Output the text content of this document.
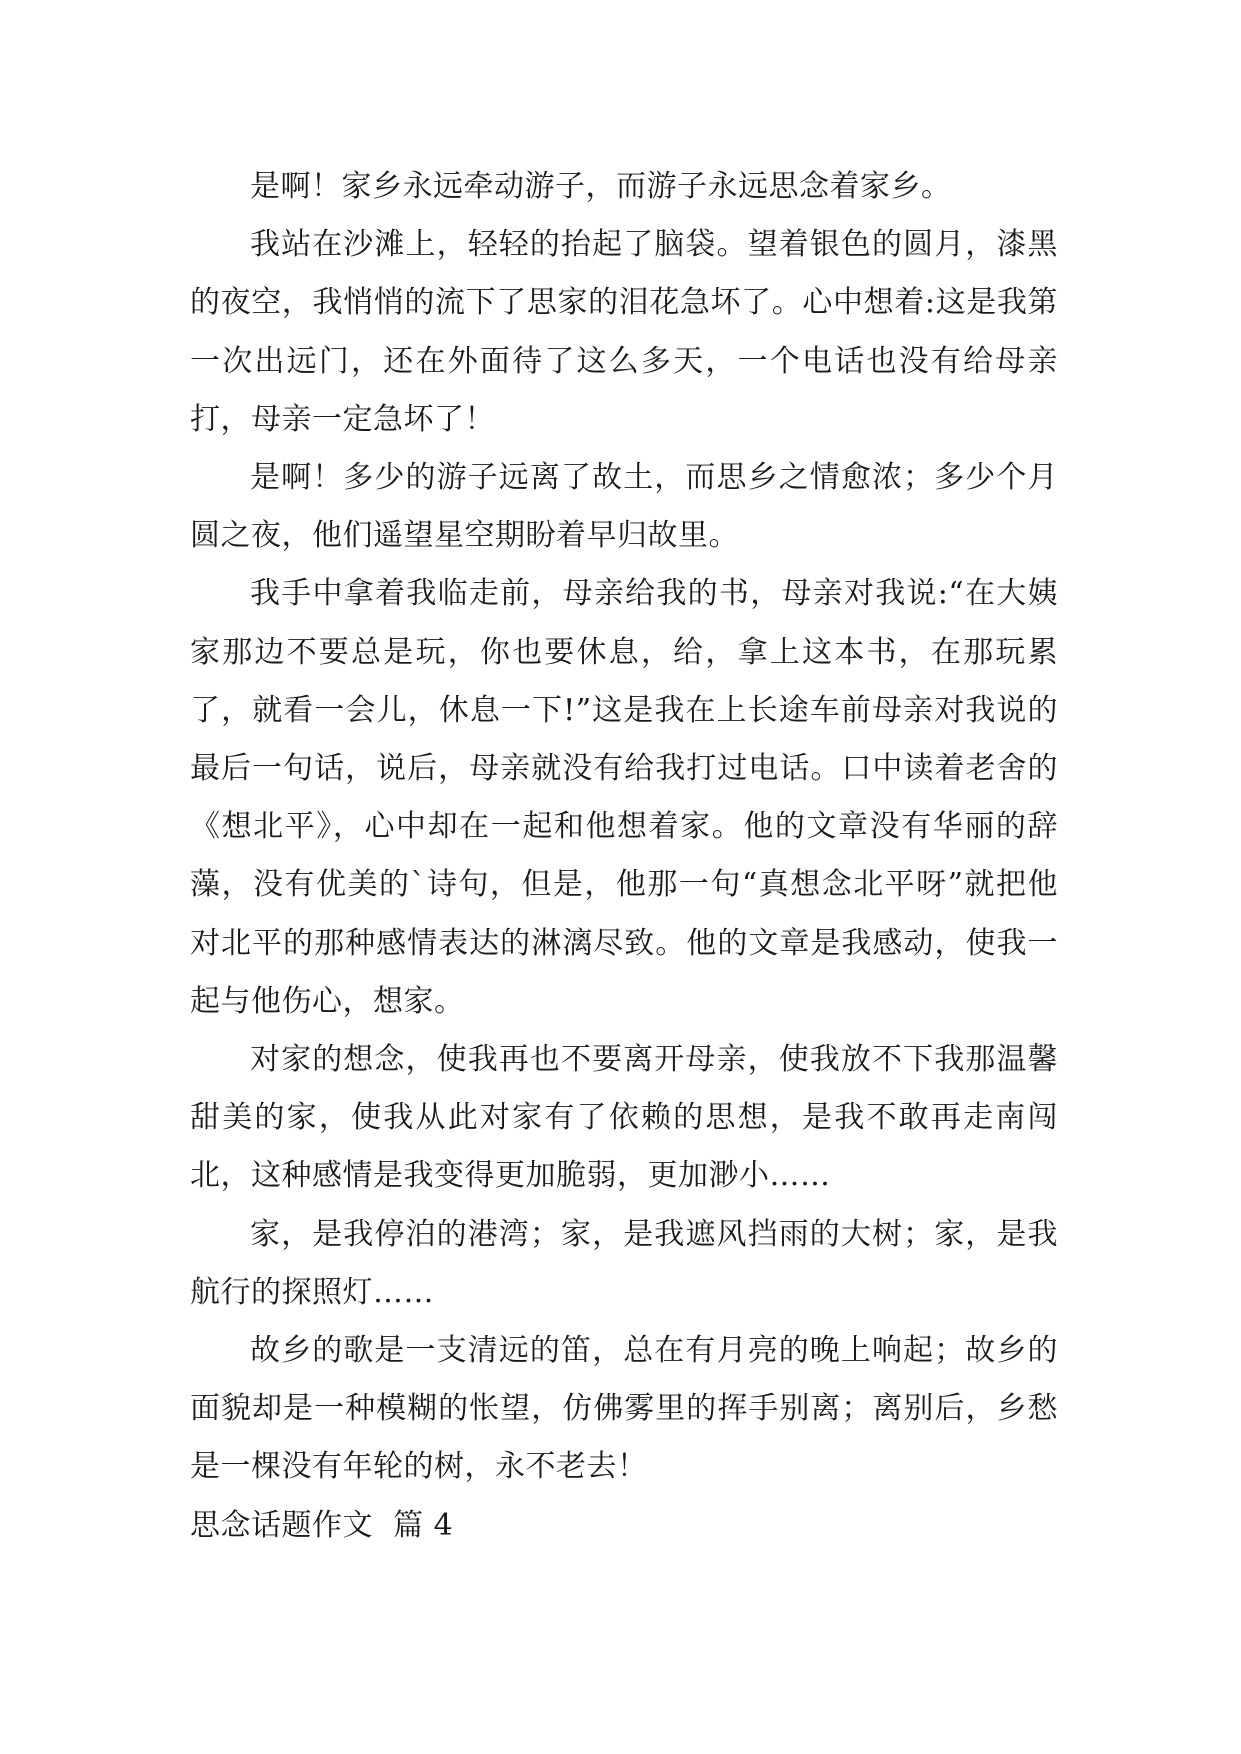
是啊！家乡永远牵动游子，而游子永远思念着家乡。

我站在沙滩上，轻轻的抬起了脑袋。望着银色的圆月，漆黑的夜空，我悄悄的流下了思家的泪花急坏了。心中想着:这是我第一次出远门，还在外面待了这么多天，一个电话也没有给母亲打，母亲一定急坏了！

是啊！多少的游子远离了故土，而思乡之情愈浓；多少个月圆之夜，他们遥望星空期盼着早归故里。

我手中拿着我临走前，母亲给我的书，母亲对我说:“在大姨家那边不要总是玩，你也要休息，给，拿上这本书，在那玩累了，就看一会儿，休息一下!”这是我在上长途车前母亲对我说的最后一句话，说后，母亲就没有给我打过电话。口中读着老舍的《想北平》，心中却在一起和他想着家。他的文章没有华丽的辞藻，没有优美的`诗句，但是，他那一句“真想念北平呀”就把他对北平的那种感情表达的淋漓尽致。他的文章是我感动，使我一起与他伤心，想家。

对家的想念，使我再也不要离开母亲，使我放不下我那温馨甜美的家，使我从此对家有了依赖的思想，是我不敢再走南闯北，这种感情是我变得更加脆弱，更加渺小……

家，是我停泊的港湾；家，是我遮风挡雨的大树；家，是我航行的探照灯……

故乡的歌是一支清远的笛，总在有月亮的晚上响起；故乡的面貌却是一种模糊的怅望，仿佛雾里的挥手别离；离别后，乡愁是一棵没有年轮的树，永不老去！

思念话题作文  篇 4
